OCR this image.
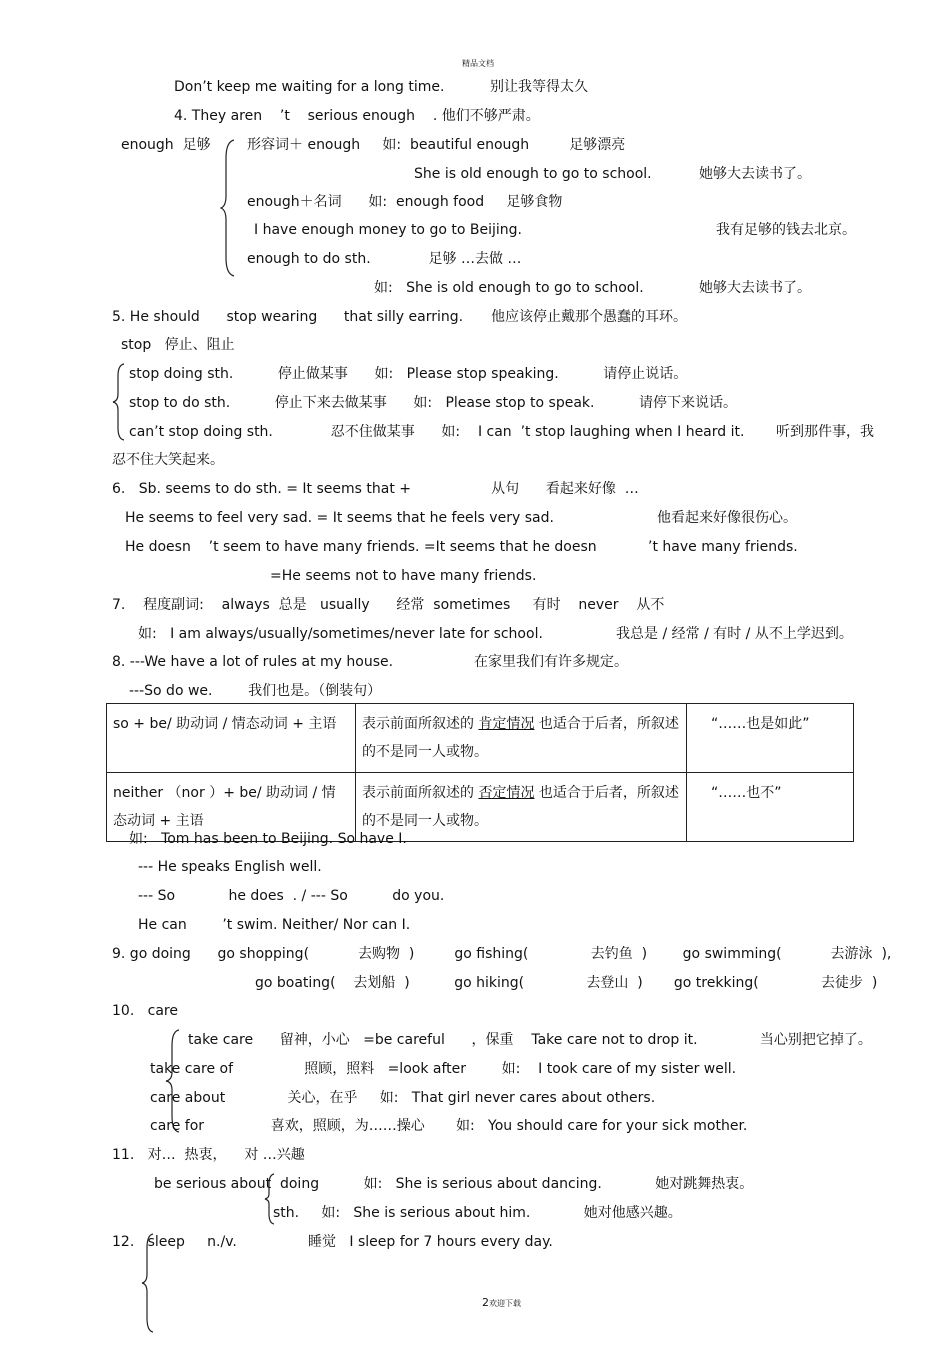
精品文档
Don’t keep me waiting for a long time.	别让我等得太久
4. They aren    ’t    serious enough    . 他们不够严肃。
enough  足够	形容词＋ enough     如:  beautiful enough         足够漂亮
She is old enough to go to school.	她够大去读书了。
enough＋名词      如:  enough food     足够食物
I have enough money to go to Beijing.	我有足够的钱去北京。
enough to do sth.             足够 …去做 …
如:   She is old enough to go to school.	她够大去读书了。
5. He should      stop wearing      that silly earring. 他应该停止戴那个愚蠢的耳环。
stop   停止、阻止
stop doing sth.          停止做某事      如:   Please stop speaking.          请停止说话。
stop to do sth.          停止下来去做某事      如:   Please stop to speak.          请停下来说话。
can’t stop doing sth.             忍不住做某事      如:    I can  ’t stop laughing when I heard it. 听到那件事，我
忍不住大笑起来。
6.   Sb. seems to do sth. = It seems that +                  从句      看起来好像  …
He seems to feel very sad. = It seems that he feels very sad.	他看起来好像很伤心。
He doesn    ’t seem to have many friends. =It seems that he doesn	’t have many friends.
=He seems not to have many friends.
7.    程度副词:    always  总是   usually      经常  sometimes     有时    never    从不
如:   I am always/usually/sometimes/never late for school.	我总是 / 经常 / 有时 / 从不上学迟到。
8. ---We have a lot of rules at my house.	在家里我们有许多规定。
---So do we.        我们也是。（倒装句）
so + be/ 助动词 / 情态动词 + 主语	表示前面所叙述的 肯定情况 也适合于后者，所叙述的不是同一人或物。	“……也是如此”
neither （nor ）+ be/ 助动词 / 情态动词 + 主语	表示前面所叙述的 否定情况 也适合于后者，所叙述的不是同一人或物。	“……也不”
如:   Tom has been to Beijing. So have I.
--- He speaks English well.
--- So            he does  . / --- So          do you.
He can        ’t swim. Neither/ Nor can I.
9. go doing      go shopping(           去购物  )         go fishing(              去钓鱼  )        go swimming(           去游泳  ),
go boating(    去划船  )          go hiking(              去登山  )       go trekking(              去徒步  )
10.   care
take care      留神，小心   =be careful      ，保重    Take care not to drop it.              当心别把它掉了。
take care of                照顾，照料   =look after        如:    I took care of my sister well.
care about              关心，在乎     如:   That girl never cares about others.
care for               喜欢，照顾，为……操心       如:   You should care for your sick mother.
11.   对…  热衷，    对 …兴趣
be serious about  doing          如:   She is serious about dancing.            她对跳舞热衷。
sth.     如:   She is serious about him.            她对他感兴趣。
12.   sleep     n./v.                睡觉   I sleep for 7 hours every day.
2欢迎下载
